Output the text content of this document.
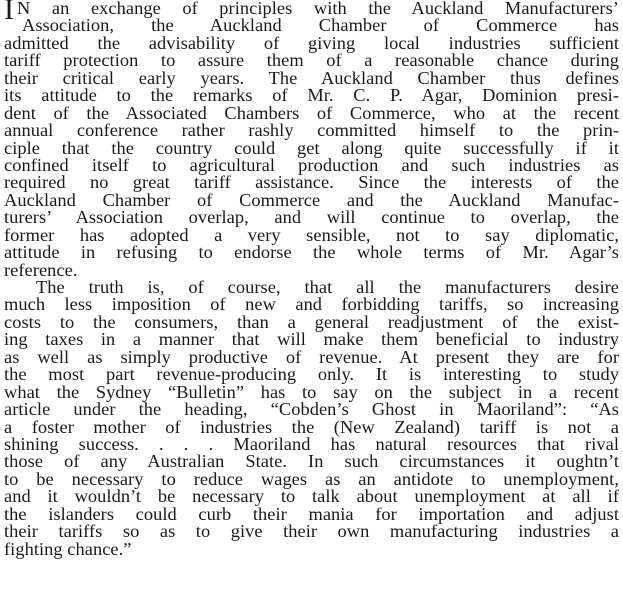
I N an exchange of principles with the Auckland Manufacturers’
Association, the Auckland Chamber of Commerce has
admitted the advisability of giving local industries sufficient
tariff protection to assure them of a reasonable chance during
their critical early years. The Auckland Chamber thus defines
its attitude to the remarks of Mr. C. P. Agar, Dominion presi-
dent of the Associated Chambers of Commerce, who at the recent
annual conference rather rashly committed himself to the prin-
ciple that the country could get along quite successfully if it
confined itself to agricultural production and such industries as
required no great tariff assistance. Since the interests of the
Auckland Chamber of Commerce and the Auckland Manufac-
turers’ Association overlap, and will continue to overlap, the
former has adopted a very sensible, not to say diplomatic,
attitude in refusing to endorse the whole terms of Mr. Agar’s
reference.
The truth is, of course, that all the manufacturers desire
much less imposition of new and forbidding tariffs, so increasing
costs to the consumers, than a general readjustment of the exist-
ing taxes in a manner that will make them beneficial to industry
as well as simply productive of revenue. At present they are for
the most part revenue-producing only. It is interesting to study
what the Sydney “Bulletin” has to say on the subject in a recent
article under the heading, “Cobden’s Ghost in Maoriland”: “As
a foster mother of industries the (New Zealand) tariff is not a
shining success. . . . Maoriland has natural resources that rival
those of any Australian State. In such circumstances it oughtn’t
to be necessary to reduce wages as an antidote to unemployment,
and it wouldn’t be necessary to talk about unemployment at all if
the islanders could curb their mania for importation and adjust
their tariffs so as to give their own manufacturing industries a
fighting chance.”
